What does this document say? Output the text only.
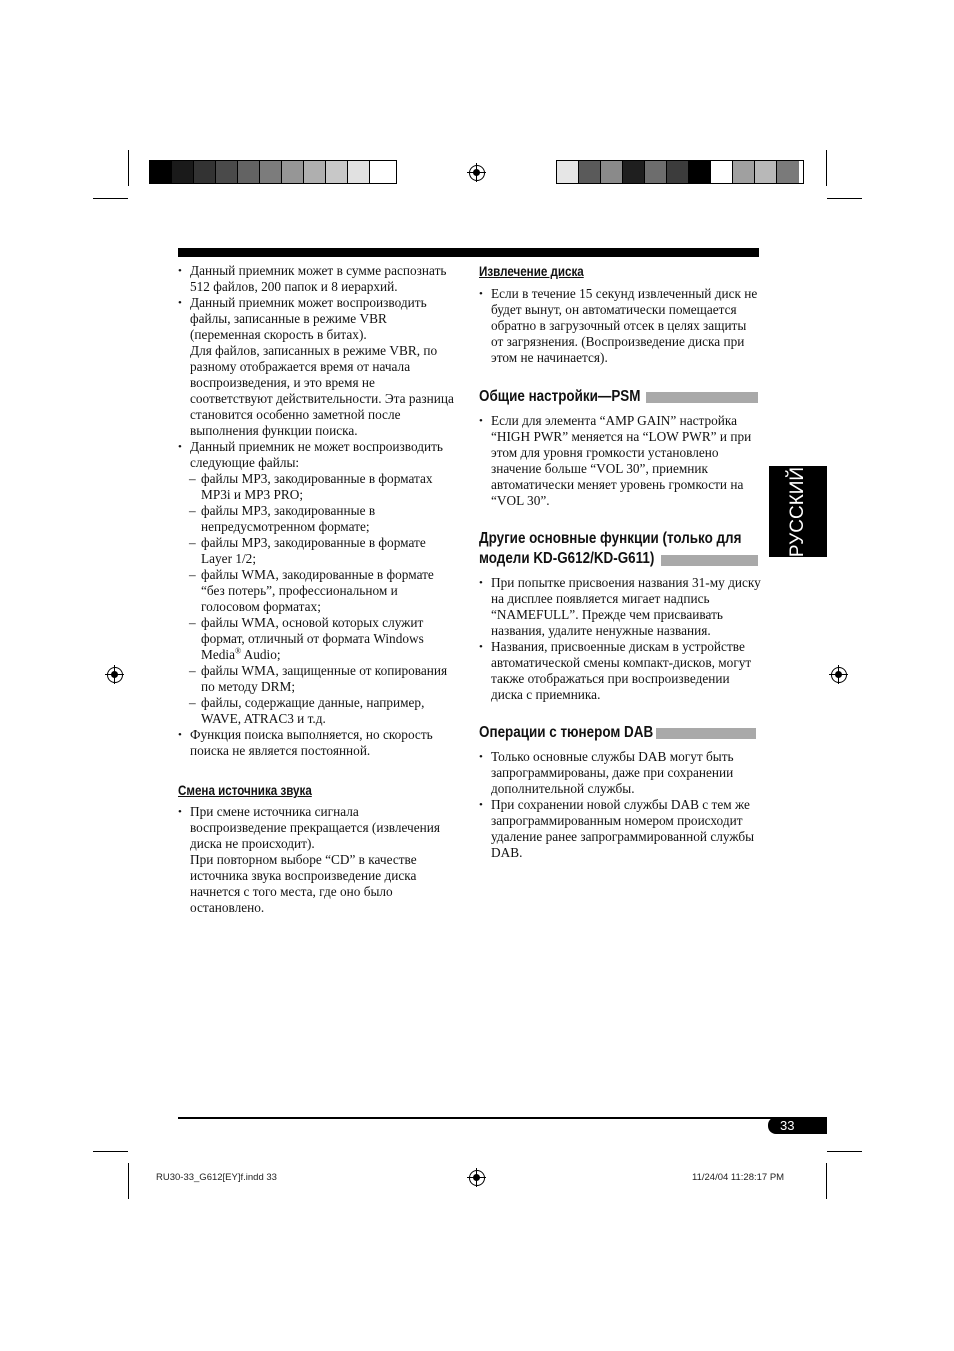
• Данный приемник может в сумме распознать 512 файлов, 200 папок и 8 иерархий.

• Данный приемник может воспроизводить файлы, записанные в режиме VBR (переменная скорость в битах).

Для файлов, записанных в режиме VBR, по разному отображается время от начала воспроизведения, и это время не соответствуют действительности. Эта разница становится особенно заметной после выполнения функции поиска.

• Данный приемник не может воспроизводить следующие файлы:

– файлы MP3, закодированные в форматах MP3i и MP3 PRO;

– файлы MP3, закодированные в непредусмотренном формате;

– файлы MP3, закодированные в формате Layer 1/2;

– файлы WMA, закодированные в формате “без потерь”, профессиональном и голосовом форматах;

– файлы WMA, основой которых служит формат, отличный от формата Windows Media® Audio;

– файлы WMA, защищенные от копирования по методу DRM;

– файлы, содержащие данные, например, WAVE, ATRAC3 и т.д.

• Функция поиска выполняется, но скорость поиска не является постоянной.

Смена источника звука

• При смене источника сигнала воспроизведение прекращается (извлечения диска не происходит).

При повторном выборе “CD” в качестве источника звука воспроизведение диска начнется с того места, где оно было остановлено.

Извлечение диска

• Если в течение 15 секунд извлеченный диск не будет вынут, он автоматически помещается обратно в загрузочный отсек в целях защиты от загрязнения. (Воспроизведение диска при этом не начинается).

Общие настройки—PSM

• Если для элемента “AMP GAIN” настройка “HIGH PWR” меняется на “LOW PWR” и при этом для уровня громкости установлено значение больше “VOL 30”, приемник автоматически меняет уровень громкости на “VOL 30”.

Другие основные функции (только для модели KD-G612/KD-G611)

• При попытке присвоения названия 31-му диску на дисплее появляется мигает надпись “NAMEFULL”. Прежде чем присваивать названия, удалите ненужные названия.

• Названия, присвоенные дискам в устройстве автоматической смены компакт-дисков, могут также отображаться при воспроизведении диска с приемника.

Операции с тюнером DAB

• Только основные службы DAB могут быть запрограммированы, даже при сохранении дополнительной службы.

• При сохранении новой службы DAB с тем же запрограммированным номером происходит удаление ранее запрограммированной службы DAB.

РУССКИЙ
33
RU30-33_G612[EY]f.indd 33	11/24/04 11:28:17 PM
